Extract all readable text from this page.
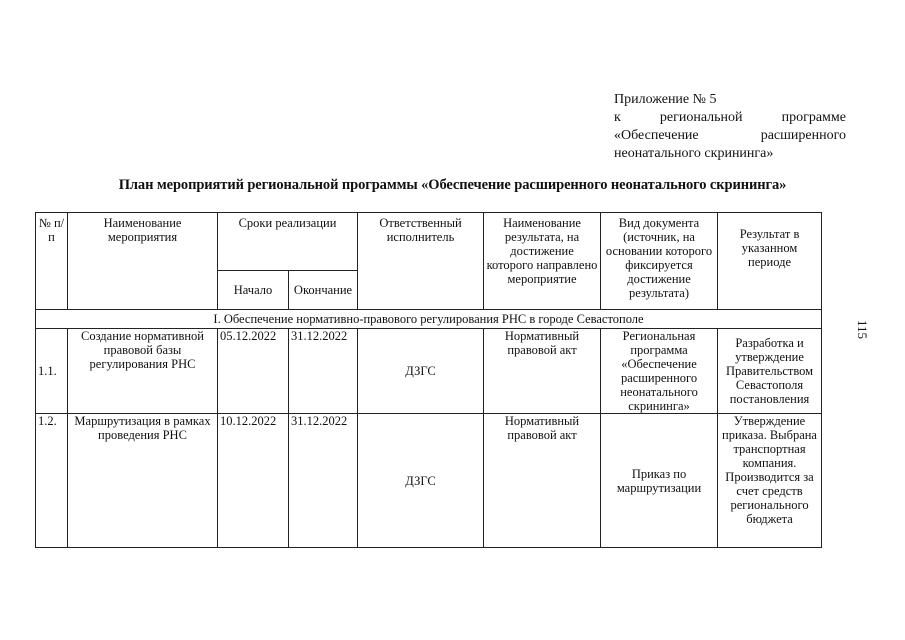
Приложение № 5
к региональной программе
«Обеспечение расширенного
неонатального скрининга»
План мероприятий региональной программы «Обеспечение расширенного неонатального скрининга»
115
№ п/п	Наименование мероприятия	Сроки реализации		Ответственный исполнитель	Наименование результата, на достижение которого направлено мероприятие	Вид документа (источник, на основании которого фиксируется достижение результата)	Результат в указанном периоде
		Начало	Окончание				
I. Обеспечение нормативно-правового регулирования РНС в городе Севастополе							
1.1.	Создание нормативной правовой базы регулирования РНС	05.12.2022	31.12.2022	ДЗГС	Нормативный правовой акт	Региональная программа «Обеспечение расширенного неонатального скрининга»	Разработка и утверждение Правительством Севастополя постановления
1.2.	Маршрутизация в рамках проведения РНС	10.12.2022	31.12.2022	ДЗГС	Нормативный правовой акт	Приказ по маршрутизации	Утверждение приказа. Выбрана транспортная компания. Производится за счет средств регионального бюджета
